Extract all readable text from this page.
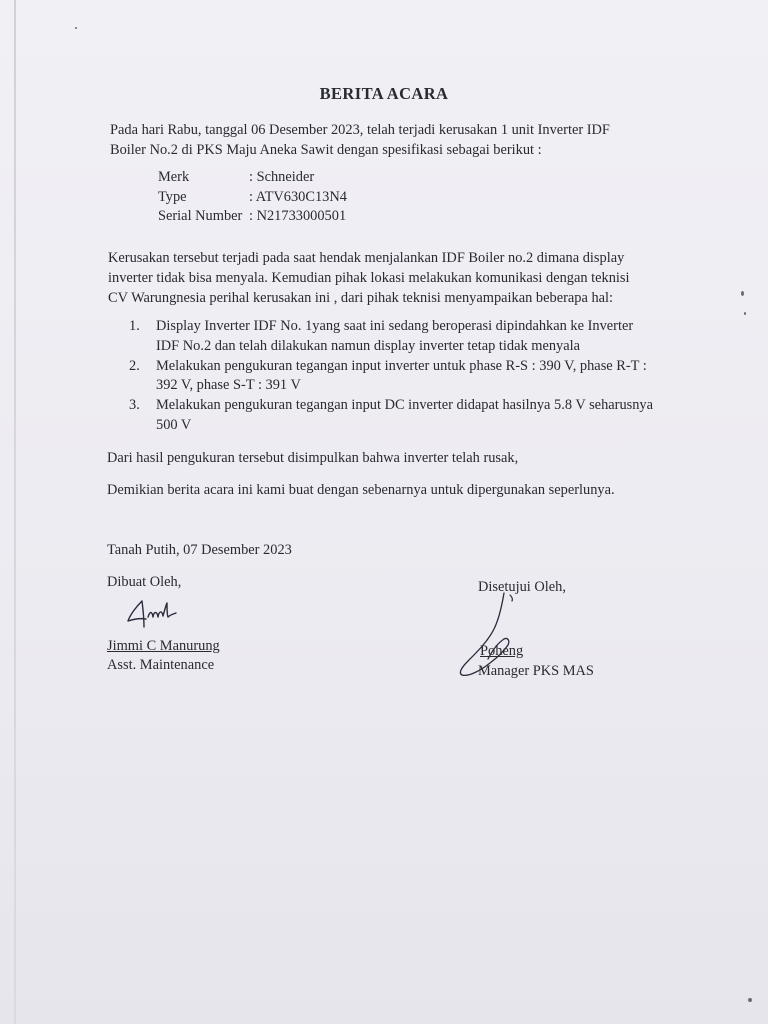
BERITA ACARA
Pada hari Rabu, tanggal 06 Desember 2023, telah terjadi kerusakan 1 unit Inverter IDF
Boiler No.2 di PKS Maju Aneka Sawit dengan spesifikasi sebagai berikut :
Merk	: Schneider
Type	: ATV630C13N4
Serial Number : N21733000501
Kerusakan tersebut terjadi pada saat hendak menjalankan IDF Boiler no.2 dimana display
inverter tidak bisa menyala. Kemudian pihak lokasi melakukan komunikasi dengan teknisi
CV Warungnesia perihal kerusakan ini , dari pihak teknisi menyampaikan beberapa hal:
1. Display Inverter IDF No. 1yang saat ini sedang beroperasi dipindahkan ke Inverter
IDF No.2 dan telah dilakukan namun display inverter tetap tidak menyala
2. Melakukan pengukuran tegangan input inverter untuk phase R-S : 390 V, phase R-T :
392 V, phase S-T : 391 V
3. Melakukan pengukuran tegangan input DC inverter didapat hasilnya 5.8 V seharusnya
500 V
Dari hasil pengukuran tersebut disimpulkan bahwa inverter telah rusak,
Demikian berita acara ini kami buat dengan sebenarnya untuk dipergunakan seperlunya.
Tanah Putih, 07 Desember 2023
Dibuat Oleh,	Disetujui Oleh,
Jimmi C Manurung
Asst. Maintenance
Poheng
Manager PKS MAS
